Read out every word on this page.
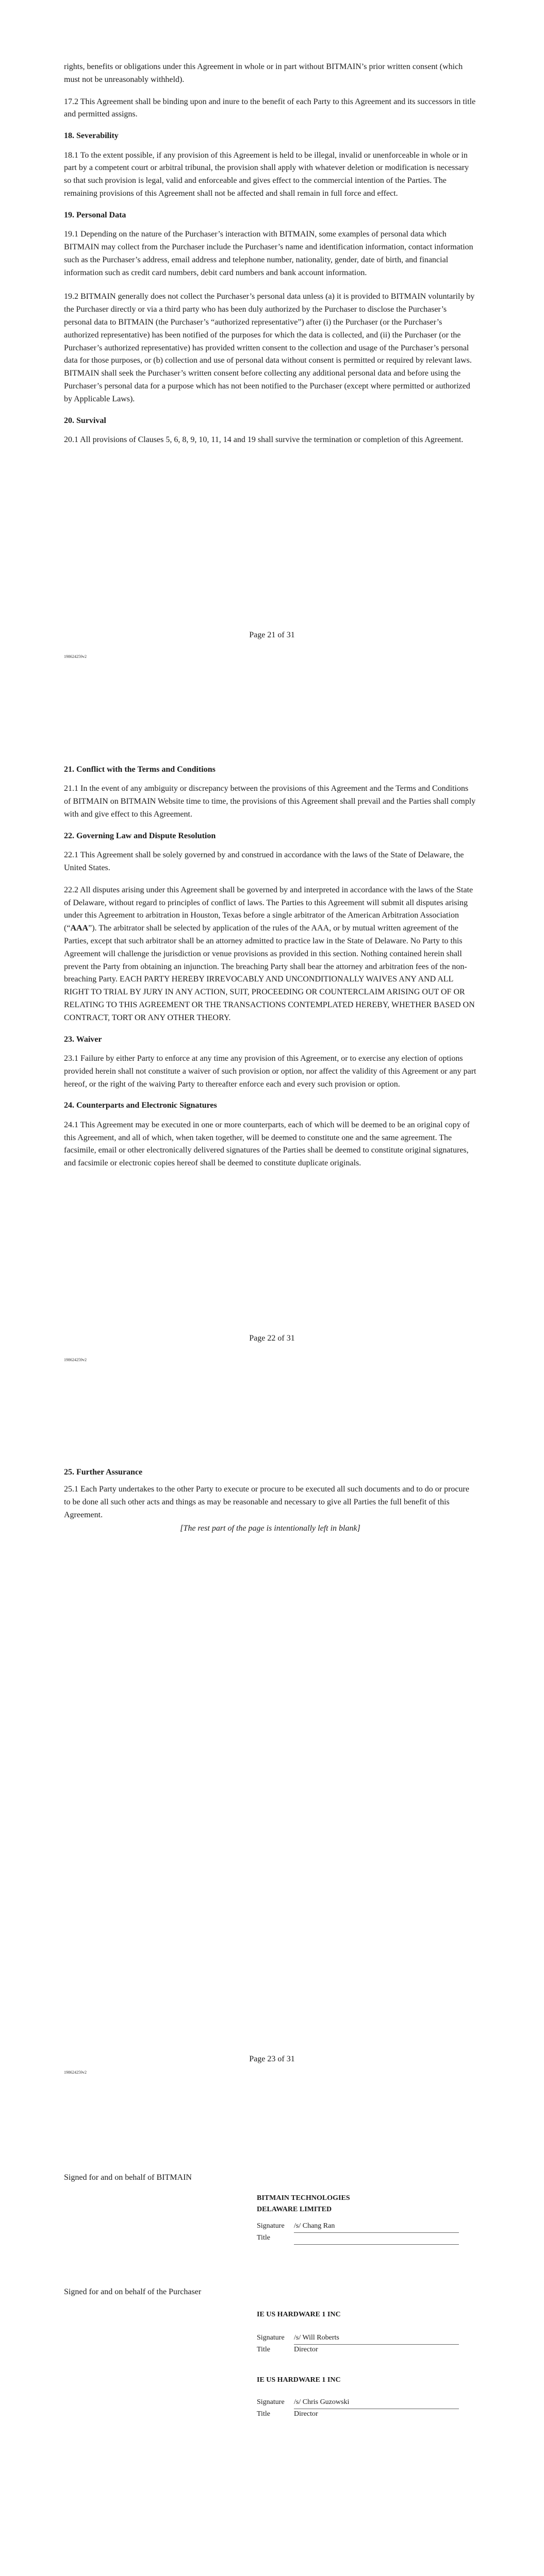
rights, benefits or obligations under this Agreement in whole or in part without BITMAIN’s prior written consent (which must not be unreasonably withheld).

17.2 This Agreement shall be binding upon and inure to the benefit of each Party to this Agreement and its successors in title and permitted assigns.

18. Severability

18.1 To the extent possible, if any provision of this Agreement is held to be illegal, invalid or unenforceable in whole or in part by a competent court or arbitral tribunal, the provision shall apply with whatever deletion or modification is necessary so that such provision is legal, valid and enforceable and gives effect to the commercial intention of the Parties. The remaining provisions of this Agreement shall not be affected and shall remain in full force and effect.

19. Personal Data

19.1 Depending on the nature of the Purchaser’s interaction with BITMAIN, some examples of personal data which BITMAIN may collect from the Purchaser include the Purchaser’s name and identification information, contact information such as the Purchaser’s address, email address and telephone number, nationality, gender, date of birth, and financial information such as credit card numbers, debit card numbers and bank account information.

19.2 BITMAIN generally does not collect the Purchaser’s personal data unless (a) it is provided to BITMAIN voluntarily by the Purchaser directly or via a third party who has been duly authorized by the Purchaser to disclose the Purchaser’s personal data to BITMAIN (the Purchaser’s “authorized representative”) after (i) the Purchaser (or the Purchaser’s authorized representative) has been notified of the purposes for which the data is collected, and (ii) the Purchaser (or the Purchaser’s authorized representative) has provided written consent to the collection and usage of the Purchaser’s personal data for those purposes, or (b) collection and use of personal data without consent is permitted or required by relevant laws. BITMAIN shall seek the Purchaser’s written consent before collecting any additional personal data and before using the Purchaser’s personal data for a purpose which has not been notified to the Purchaser (except where permitted or authorized by Applicable Laws).

20. Survival

20.1 All provisions of Clauses 5, 6, 8, 9, 10, 11, 14 and 19 shall survive the termination or completion of this Agreement.

Page 21 of 31
198624259v2
21. Conflict with the Terms and Conditions

21.1 In the event of any ambiguity or discrepancy between the provisions of this Agreement and the Terms and Conditions of BITMAIN on BITMAIN Website time to time, the provisions of this Agreement shall prevail and the Parties shall comply with and give effect to this Agreement.

22. Governing Law and Dispute Resolution

22.1 This Agreement shall be solely governed by and construed in accordance with the laws of the State of Delaware, the United States.

22.2 All disputes arising under this Agreement shall be governed by and interpreted in accordance with the laws of the State of Delaware, without regard to principles of conflict of laws. The Parties to this Agreement will submit all disputes arising under this Agreement to arbitration in Houston, Texas before a single arbitrator of the American Arbitration Association (“AAA”). The arbitrator shall be selected by application of the rules of the AAA, or by mutual written agreement of the Parties, except that such arbitrator shall be an attorney admitted to practice law in the State of Delaware. No Party to this Agreement will challenge the jurisdiction or venue provisions as provided in this section. Nothing contained herein shall prevent the Party from obtaining an injunction. The breaching Party shall bear the attorney and arbitration fees of the non-breaching Party. EACH PARTY HEREBY IRREVOCABLY AND UNCONDITIONALLY WAIVES ANY AND ALL RIGHT TO TRIAL BY JURY IN ANY ACTION, SUIT, PROCEEDING OR COUNTERCLAIM ARISING OUT OF OR RELATING TO THIS AGREEMENT OR THE TRANSACTIONS CONTEMPLATED HEREBY, WHETHER BASED ON CONTRACT, TORT OR ANY OTHER THEORY.

23. Waiver

23.1 Failure by either Party to enforce at any time any provision of this Agreement, or to exercise any election of options provided herein shall not constitute a waiver of such provision or option, nor affect the validity of this Agreement or any part hereof, or the right of the waiving Party to thereafter enforce each and every such provision or option.

24. Counterparts and Electronic Signatures

24.1 This Agreement may be executed in one or more counterparts, each of which will be deemed to be an original copy of this Agreement, and all of which, when taken together, will be deemed to constitute one and the same agreement. The facsimile, email or other electronically delivered signatures of the Parties shall be deemed to constitute original signatures, and facsimile or electronic copies hereof shall be deemed to constitute duplicate originals.

Page 22 of 31
198624259v2
25. Further Assurance

25.1 Each Party undertakes to the other Party to execute or procure to be executed all such documents and to do or procure to be done all such other acts and things as may be reasonable and necessary to give all Parties the full benefit of this Agreement.

[The rest part of the page is intentionally left in blank]
Page 23 of 31
198624259v2
Signed for and on behalf of BITMAIN
BITMAIN TECHNOLOGIES
DELAWARE LIMITED
Signature	/s/ Chang Ran
Title
Signed for and on behalf of the Purchaser
IE US HARDWARE 1 INC
Signature	/s/ Will Roberts
Title	Director
IE US HARDWARE 1 INC
Signature	/s/ Chris Guzowski
Title	Director
